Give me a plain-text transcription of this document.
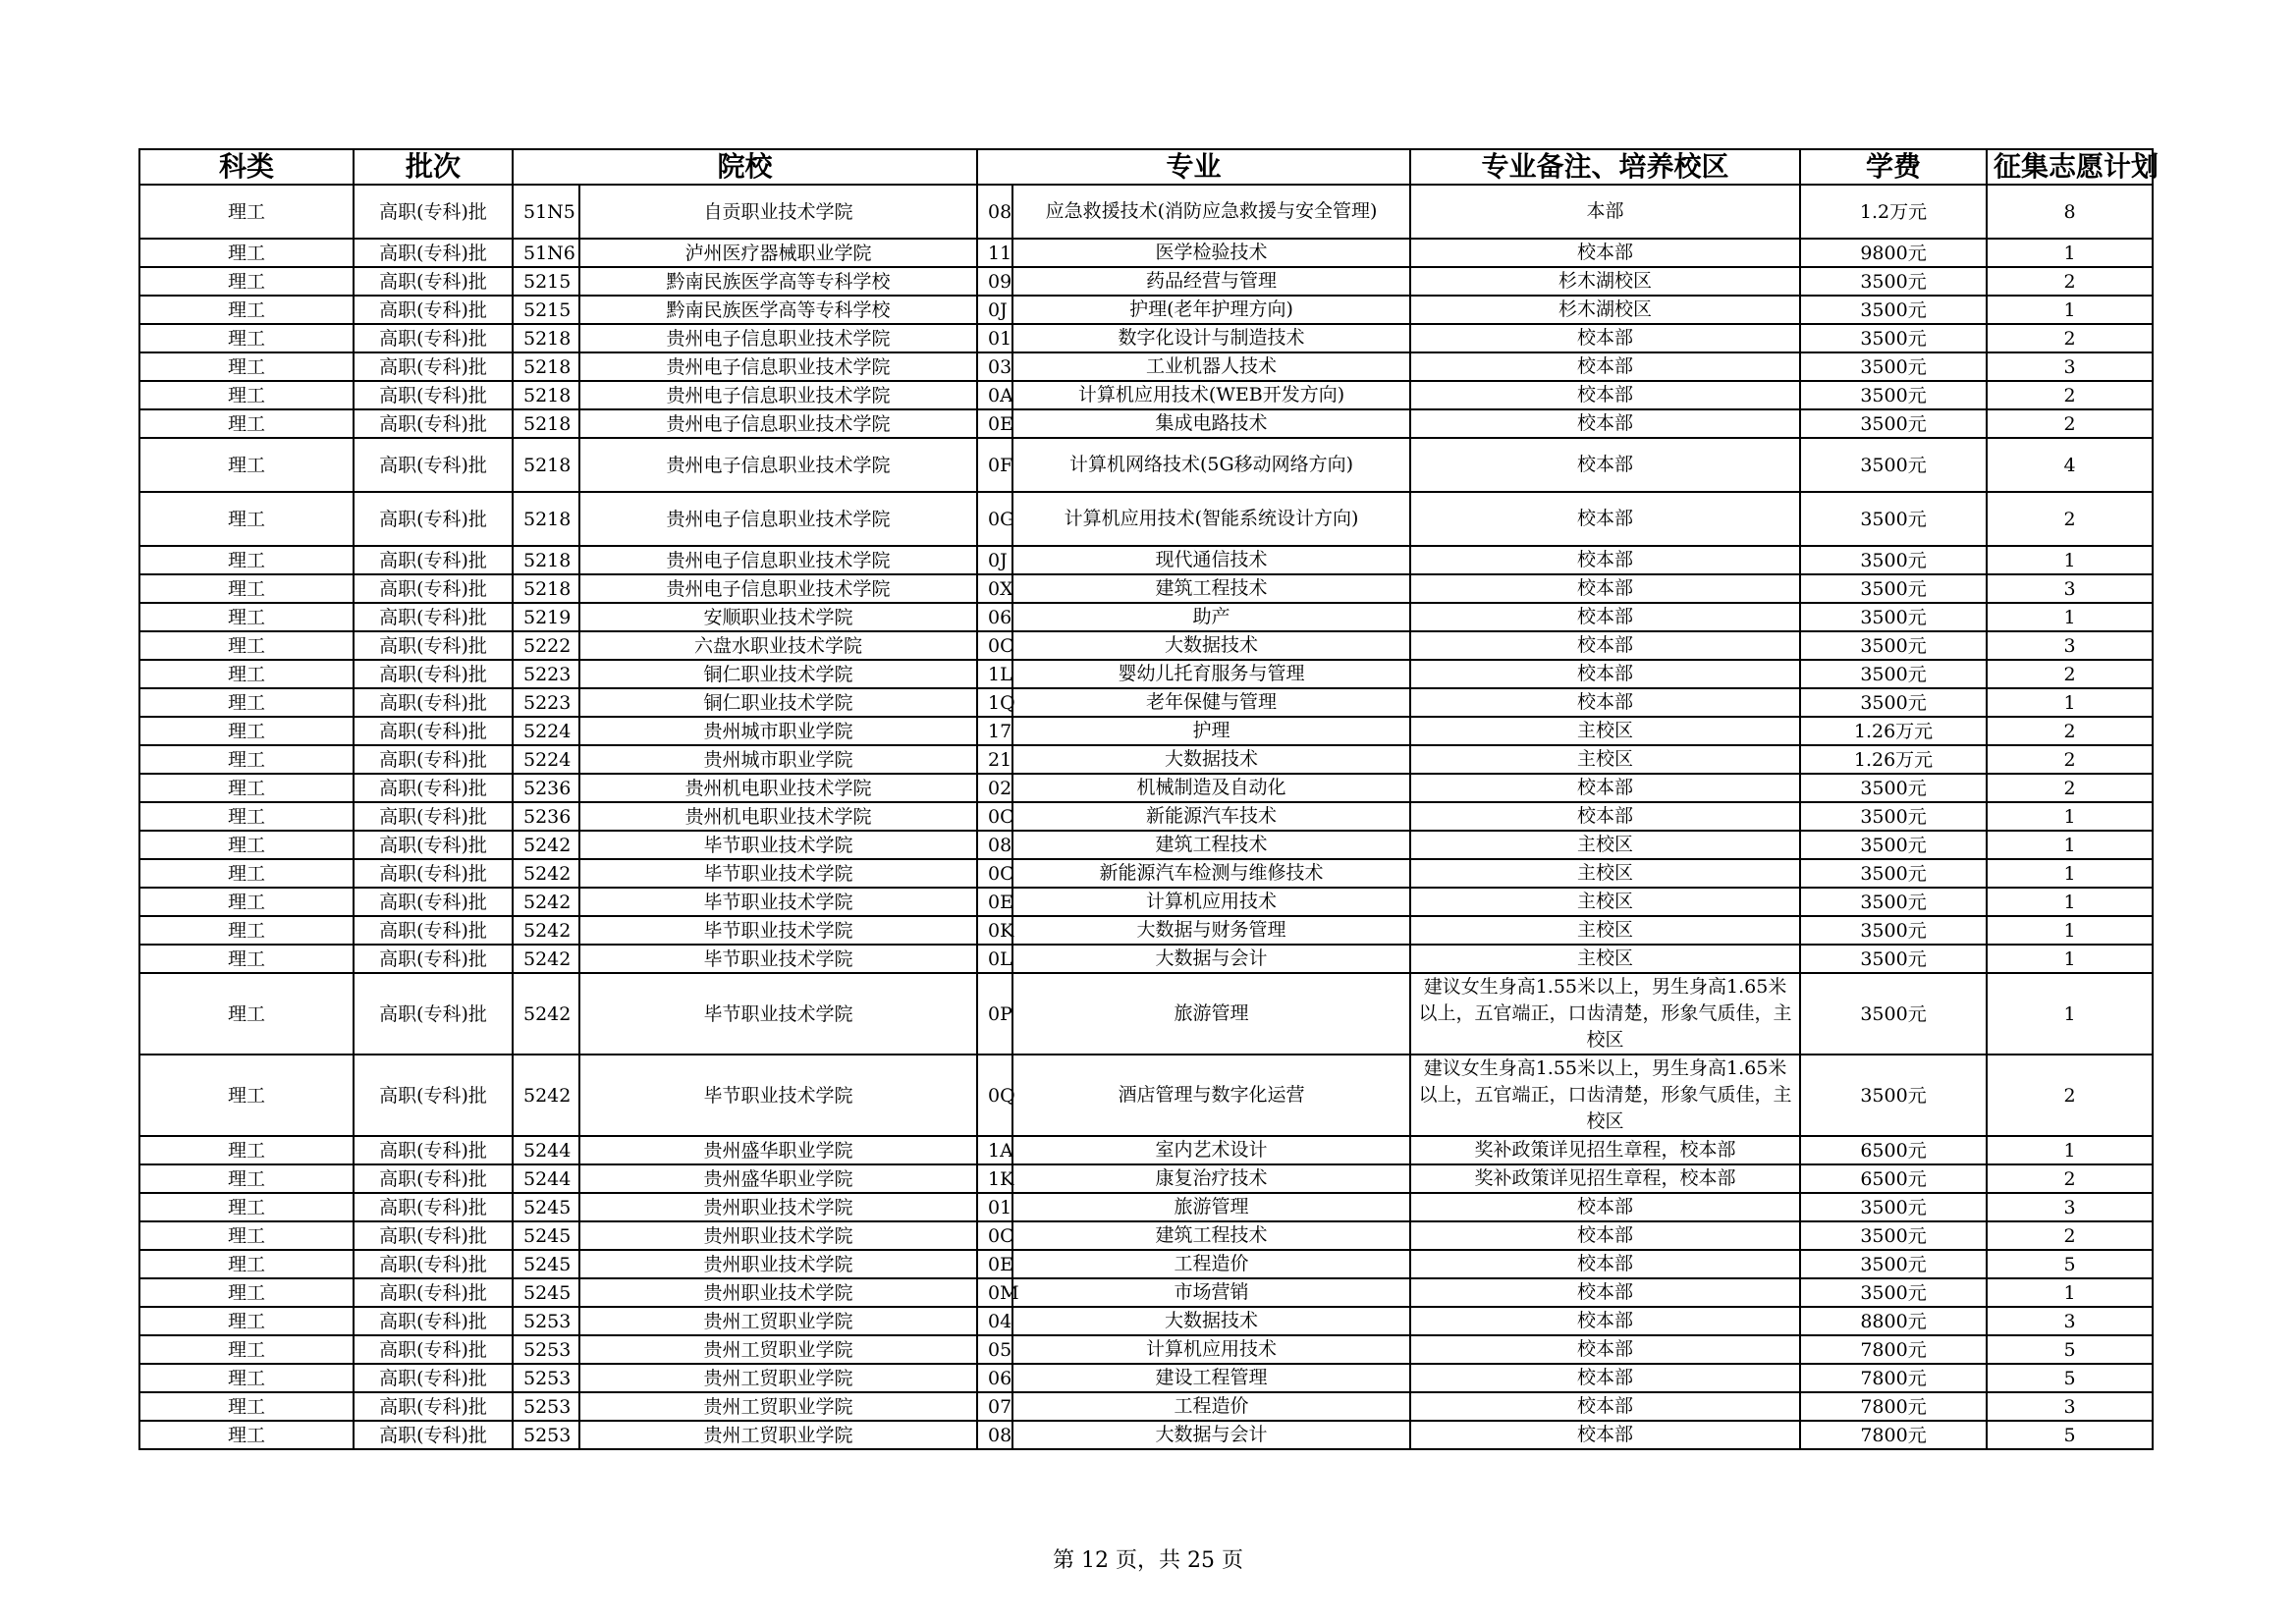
科类	批次	院校		专业		专业备注、培养校区	学费	征集志愿计划
理工	高职(专科)批	51N5	自贡职业技术学院	08	应急救援技术(消防应急救援与安全管理)	本部	1.2万元	8
理工	高职(专科)批	51N6	泸州医疗器械职业学院	11	医学检验技术	校本部	9800元	1
理工	高职(专科)批	5215	黔南民族医学高等专科学校	09	药品经营与管理	杉木湖校区	3500元	2
理工	高职(专科)批	5215	黔南民族医学高等专科学校	0J	护理(老年护理方向)	杉木湖校区	3500元	1
理工	高职(专科)批	5218	贵州电子信息职业技术学院	01	数字化设计与制造技术	校本部	3500元	2
理工	高职(专科)批	5218	贵州电子信息职业技术学院	03	工业机器人技术	校本部	3500元	3
理工	高职(专科)批	5218	贵州电子信息职业技术学院	0A	计算机应用技术(WEB开发方向)	校本部	3500元	2
理工	高职(专科)批	5218	贵州电子信息职业技术学院	0E	集成电路技术	校本部	3500元	2
理工	高职(专科)批	5218	贵州电子信息职业技术学院	0F	计算机网络技术(5G移动网络方向)	校本部	3500元	4
理工	高职(专科)批	5218	贵州电子信息职业技术学院	0G	计算机应用技术(智能系统设计方向)	校本部	3500元	2
理工	高职(专科)批	5218	贵州电子信息职业技术学院	0J	现代通信技术	校本部	3500元	1
理工	高职(专科)批	5218	贵州电子信息职业技术学院	0X	建筑工程技术	校本部	3500元	3
理工	高职(专科)批	5219	安顺职业技术学院	06	助产	校本部	3500元	1
理工	高职(专科)批	5222	六盘水职业技术学院	0C	大数据技术	校本部	3500元	3
理工	高职(专科)批	5223	铜仁职业技术学院	1L	婴幼儿托育服务与管理	校本部	3500元	2
理工	高职(专科)批	5223	铜仁职业技术学院	1Q	老年保健与管理	校本部	3500元	1
理工	高职(专科)批	5224	贵州城市职业学院	17	护理	主校区	1.26万元	2
理工	高职(专科)批	5224	贵州城市职业学院	21	大数据技术	主校区	1.26万元	2
理工	高职(专科)批	5236	贵州机电职业技术学院	02	机械制造及自动化	校本部	3500元	2
理工	高职(专科)批	5236	贵州机电职业技术学院	0C	新能源汽车技术	校本部	3500元	1
理工	高职(专科)批	5242	毕节职业技术学院	08	建筑工程技术	主校区	3500元	1
理工	高职(专科)批	5242	毕节职业技术学院	0C	新能源汽车检测与维修技术	主校区	3500元	1
理工	高职(专科)批	5242	毕节职业技术学院	0E	计算机应用技术	主校区	3500元	1
理工	高职(专科)批	5242	毕节职业技术学院	0K	大数据与财务管理	主校区	3500元	1
理工	高职(专科)批	5242	毕节职业技术学院	0L	大数据与会计	主校区	3500元	1
理工	高职(专科)批	5242	毕节职业技术学院	0P	旅游管理	建议女生身高1.55米以上，男生身高1.65米以上，五官端正，口齿清楚，形象气质佳，主校区	3500元	1
理工	高职(专科)批	5242	毕节职业技术学院	0Q	酒店管理与数字化运营	建议女生身高1.55米以上，男生身高1.65米以上，五官端正，口齿清楚，形象气质佳，主校区	3500元	2
理工	高职(专科)批	5244	贵州盛华职业学院	1A	室内艺术设计	奖补政策详见招生章程，校本部	6500元	1
理工	高职(专科)批	5244	贵州盛华职业学院	1K	康复治疗技术	奖补政策详见招生章程，校本部	6500元	2
理工	高职(专科)批	5245	贵州职业技术学院	01	旅游管理	校本部	3500元	3
理工	高职(专科)批	5245	贵州职业技术学院	0C	建筑工程技术	校本部	3500元	2
理工	高职(专科)批	5245	贵州职业技术学院	0E	工程造价	校本部	3500元	5
理工	高职(专科)批	5245	贵州职业技术学院	0M	市场营销	校本部	3500元	1
理工	高职(专科)批	5253	贵州工贸职业学院	04	大数据技术	校本部	8800元	3
理工	高职(专科)批	5253	贵州工贸职业学院	05	计算机应用技术	校本部	7800元	5
理工	高职(专科)批	5253	贵州工贸职业学院	06	建设工程管理	校本部	7800元	5
理工	高职(专科)批	5253	贵州工贸职业学院	07	工程造价	校本部	7800元	3
理工	高职(专科)批	5253	贵州工贸职业学院	08	大数据与会计	校本部	7800元	5
第 12 页，共 25 页
